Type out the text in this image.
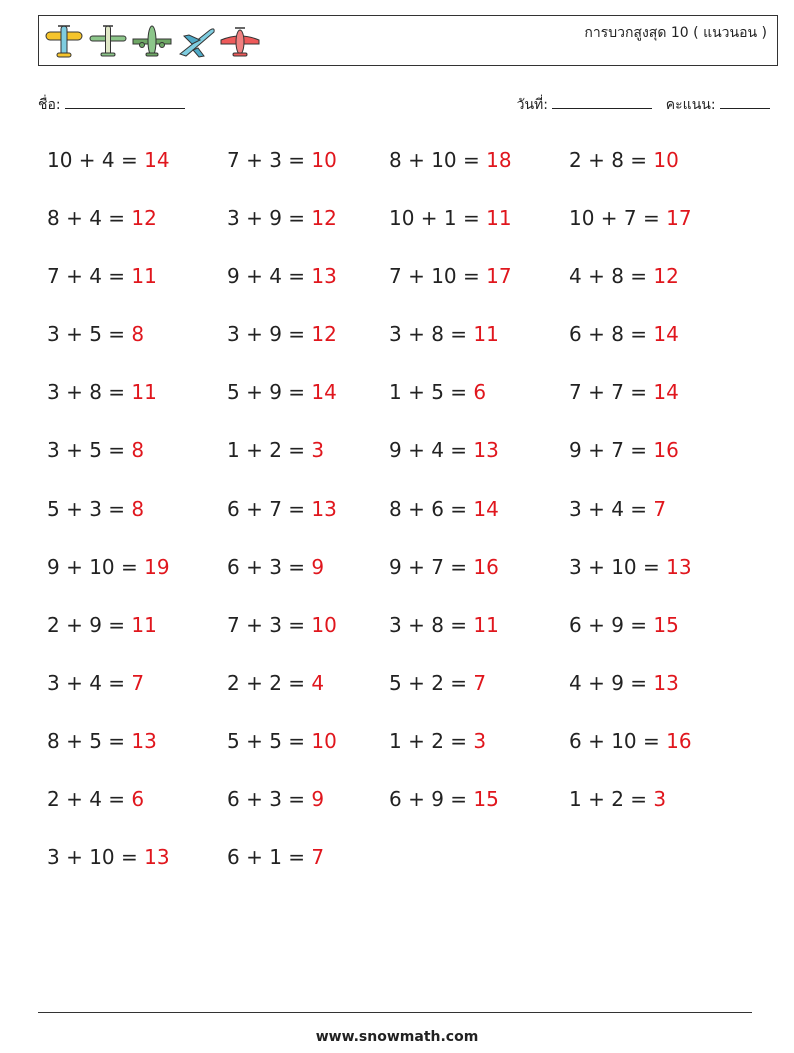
การบวกสูงสุด 10 ( แนวนอน )
ชื่อ:	วันที่:	คะแนน:
10 + 4 = 14	7 + 3 = 10	8 + 10 = 18	2 + 8 = 10
8 + 4 = 12	3 + 9 = 12	10 + 1 = 11	10 + 7 = 17
7 + 4 = 11	9 + 4 = 13	7 + 10 = 17	4 + 8 = 12
3 + 5 = 8	3 + 9 = 12	3 + 8 = 11	6 + 8 = 14
3 + 8 = 11	5 + 9 = 14	1 + 5 = 6	7 + 7 = 14
3 + 5 = 8	1 + 2 = 3	9 + 4 = 13	9 + 7 = 16
5 + 3 = 8	6 + 7 = 13	8 + 6 = 14	3 + 4 = 7
9 + 10 = 19	6 + 3 = 9	9 + 7 = 16	3 + 10 = 13
2 + 9 = 11	7 + 3 = 10	3 + 8 = 11	6 + 9 = 15
3 + 4 = 7	2 + 2 = 4	5 + 2 = 7	4 + 9 = 13
8 + 5 = 13	5 + 5 = 10	1 + 2 = 3	6 + 10 = 16
2 + 4 = 6	6 + 3 = 9	6 + 9 = 15	1 + 2 = 3
3 + 10 = 13	6 + 1 = 7
www.snowmath.com
